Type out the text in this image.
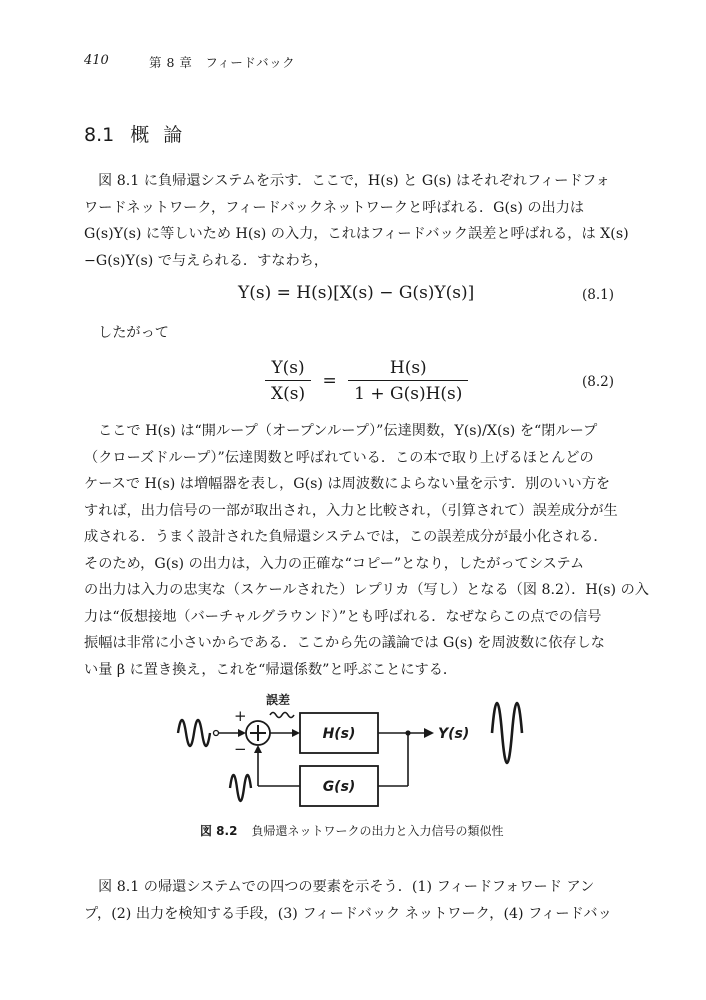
410	第 8 章　フィードバック
8.1 概論

図 8.1 に負帰還システムを示す．ここで，H(s) と G(s) はそれぞれフィードフォ

ワードネットワーク，フィードバックネットワークと呼ばれる．G(s) の出力は

G(s)Y(s) に等しいため H(s) の入力，これはフィードバック誤差と呼ばれる，は X(s)

−G(s)Y(s) で与えられる．すなわち，

Y(s) = H(s)[X(s) − G(s)Y(s)]	(8.1)

したがって

$\frac{Y(s)}{X(s)} = \frac{H(s)}{1 + G(s)H(s)}$	(8.2)

ここで H(s) は“開ループ（オープンループ）”伝達関数，Y(s)/X(s) を“閉ループ

（クローズドループ）”伝達関数と呼ばれている．この本で取り上げるほとんどの

ケースで H(s) は増幅器を表し，G(s) は周波数によらない量を示す．別のいい方を

すれば，出力信号の一部が取出され，入力と比較され，（引算されて）誤差成分が生

成される．うまく設計された負帰還システムでは，この誤差成分が最小化される．

そのため，G(s) の出力は，入力の正確な“コピー”となり，したがってシステム

の出力は入力の忠実な（スケールされた）レプリカ（写し）となる（図 8.2）．H(s) の入

力は“仮想接地（バーチャルグラウンド）”とも呼ばれる．なぜならこの点での信号

振幅は非常に小さいからである．ここから先の議論では G(s) を周波数に依存しな

い量 β に置き換え，これを“帰還係数”と呼ぶことにする．

+
−
誤差
H(s)	Y(s)
G(s)
図 8.2 負帰還ネットワークの出力と入力信号の類似性

図 8.1 の帰還システムでの四つの要素を示そう．(1) フィードフォワード アン

プ，(2) 出力を検知する手段，(3) フィードバック ネットワーク，(4) フィードバッ
